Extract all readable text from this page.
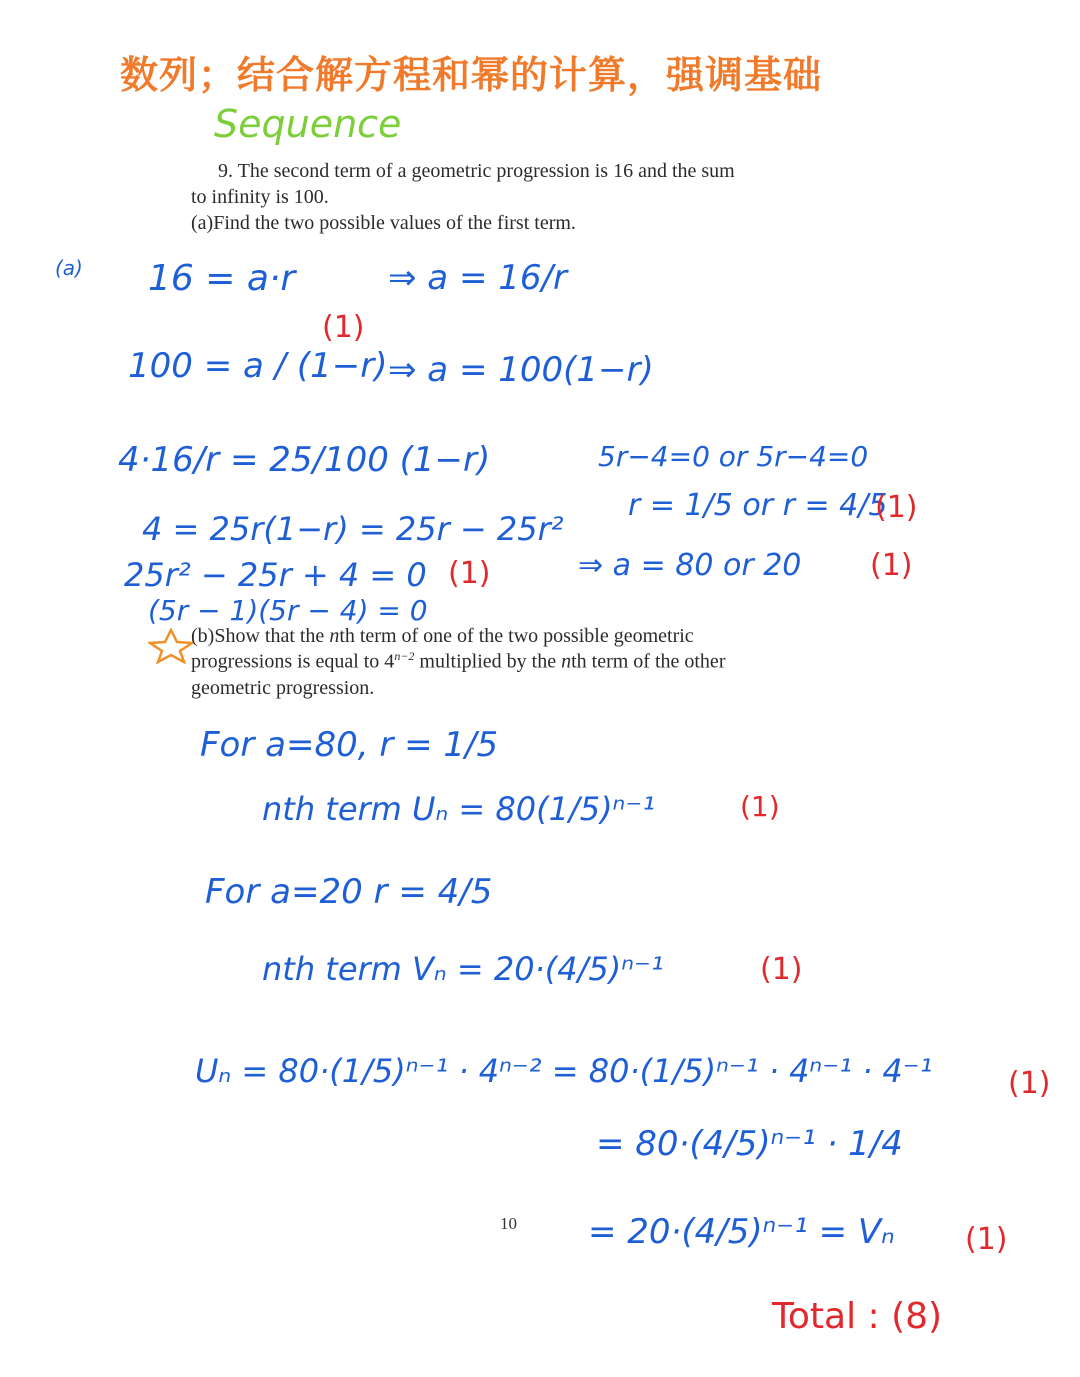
数列；结合解方程和幂的计算，强调基础
Sequence
9. The second term of a geometric progression is 16 and the sum
to infinity is 100.
(a)Find the two possible values of the first term.
(a) 16 = a·r	⇒ a = 16/r
(1)
100 = a / (1−r) ⇒ a = 100(1−r)
4·16/r = 25/100 (1−r)
4 = 25r(1−r) = 25r − 25r²
25r² − 25r + 4 = 0 (1)
(5r − 1)(5r − 4) = 0
5r−4=0 or 5r−4=0
r = 1/5 or r = 4/5
(1)
⇒ a = 80 or 20 (1)
(b)Show that the nth term of one of the two possible geometric
progressions is equal to $4^{n-2}$ multiplied by the nth term of the other
geometric progression.
For a=80, r = 1/5
nth term Uₙ = 80(1/5)ⁿ⁻¹	(1)
For a=20 r = 4/5
nth term Vₙ = 20·(4/5)ⁿ⁻¹	(1)
Uₙ = 80·(1/5)ⁿ⁻¹ · 4ⁿ⁻² = 80·(1/5)ⁿ⁻¹ · 4ⁿ⁻¹ · 4⁻¹	(1)
= 80·(4/5)ⁿ⁻¹ · 1/4
= 20·(4/5)ⁿ⁻¹ = Vₙ (1)
10
Total : (8)
